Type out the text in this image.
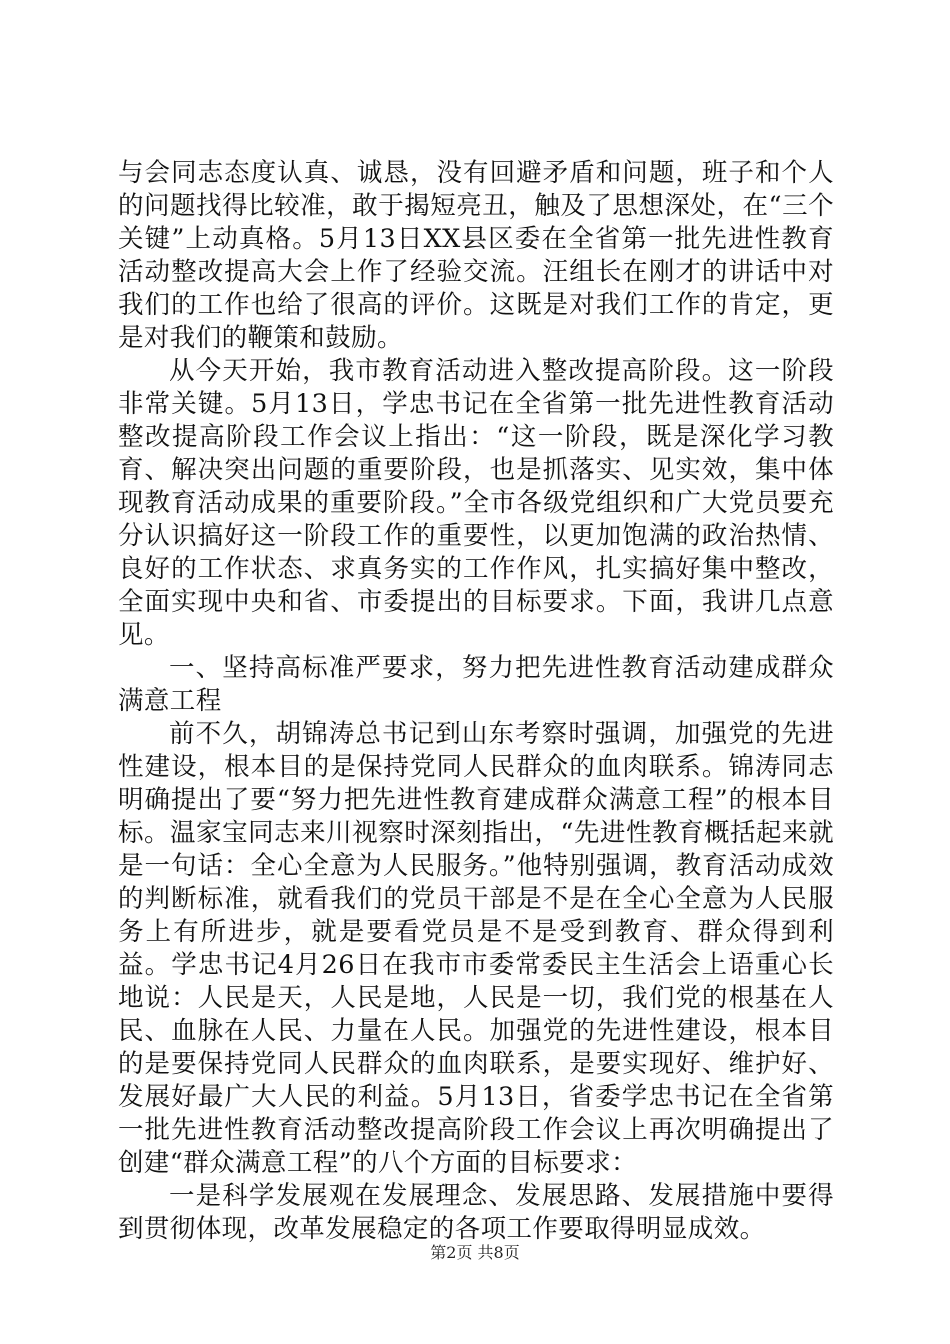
与会同志态度认真、诚恳，没有回避矛盾和问题，班子和个人的问题找得比较准，敢于揭短亮丑，触及了思想深处，在“三个关键”上动真格。5月13日XX县区委在全省第一批先进性教育活动整改提高大会上作了经验交流。汪组长在刚才的讲话中对我们的工作也给了很高的评价。这既是对我们工作的肯定，更是对我们的鞭策和鼓励。

从今天开始，我市教育活动进入整改提高阶段。这一阶段非常关键。5月13日，学忠书记在全省第一批先进性教育活动整改提高阶段工作会议上指出：“这一阶段，既是深化学习教育、解决突出问题的重要阶段，也是抓落实、见实效，集中体现教育活动成果的重要阶段。”全市各级党组织和广大党员要充分认识搞好这一阶段工作的重要性，以更加饱满的政治热情、良好的工作状态、求真务实的工作作风，扎实搞好集中整改，全面实现中央和省、市委提出的目标要求。下面，我讲几点意见。

一、坚持高标准严要求，努力把先进性教育活动建成群众满意工程

前不久，胡锦涛总书记到山东考察时强调，加强党的先进性建设，根本目的是保持党同人民群众的血肉联系。锦涛同志明确提出了要“努力把先进性教育建成群众满意工程”的根本目标。温家宝同志来川视察时深刻指出，“先进性教育概括起来就是一句话：全心全意为人民服务。”他特别强调，教育活动成效的判断标准，就看我们的党员干部是不是在全心全意为人民服务上有所进步，就是要看党员是不是受到教育、群众得到利益。学忠书记4月26日在我市市委常委民主生活会上语重心长地说：人民是天，人民是地，人民是一切，我们党的根基在人民、血脉在人民、力量在人民。加强党的先进性建设，根本目的是要保持党同人民群众的血肉联系，是要实现好、维护好、发展好最广大人民的利益。5月13日，省委学忠书记在全省第一批先进性教育活动整改提高阶段工作会议上再次明确提出了创建“群众满意工程”的八个方面的目标要求：

一是科学发展观在发展理念、发展思路、发展措施中要得到贯彻体现，改革发展稳定的各项工作要取得明显成效。

第2页 共8页
